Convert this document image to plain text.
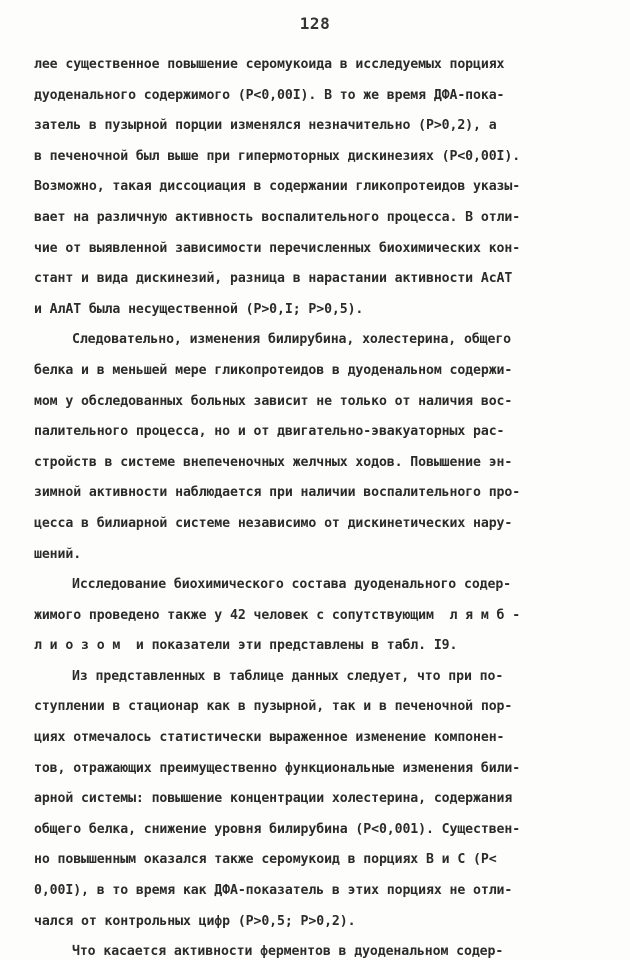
128
лее существенное повышение серомукоида в исследуемых порциях
дуоденального содержимого (Р<0,00I). В то же время ДФА-пока-
затель в пузырной порции изменялся незначительно (Р>0,2), а
в печеночной был выше при гипермоторных дискинезиях (Р<0,00I).
Возможно, такая диссоциация в содержании гликопротеидов указы-
вает на различную активность воспалительного процесса. В отли-
чие от выявленной зависимости перечисленных биохимических кон-
стант и вида дискинезий, разница в нарастании активности АсАТ
и АлАТ была несущественной (Р>0,I; Р>0,5).
Следовательно, изменения билирубина, холестерина, общего
белка и в меньшей мере гликопротеидов в дуоденальном содержи-
мом у обследованных больных зависит не только от наличия вос-
палительного процесса, но и от двигательно-эвакуаторных рас-
стройств в системе внепеченочных желчных ходов. Повышение эн-
зимной активности наблюдается при наличии воспалительного про-
цесса в билиарной системе независимо от дискинетических нару-
шений.
Исследование биохимического состава дуоденального содер-
жимого проведено также у 42 человек с сопутствующим  л я м б -
л и о з о м  и показатели эти представлены в табл. I9.
Из представленных в таблице данных следует, что при по-
ступлении в стационар как в пузырной, так и в печеночной пор-
циях отмечалось статистически выраженное изменение компонен-
тов, отражающих преимущественно функциональные изменения били-
арной системы: повышение концентрации холестерина, содержания
общего белка, снижение уровня билирубина (Р<0,001). Существен-
но повышенным оказался также серомукоид в порциях В и С (Р<
0,00I), в то время как ДФА-показатель в этих порциях не отли-
чался от контрольных цифр (Р>0,5; Р>0,2).
Что касается активности ферментов в дуоденальном содер-
